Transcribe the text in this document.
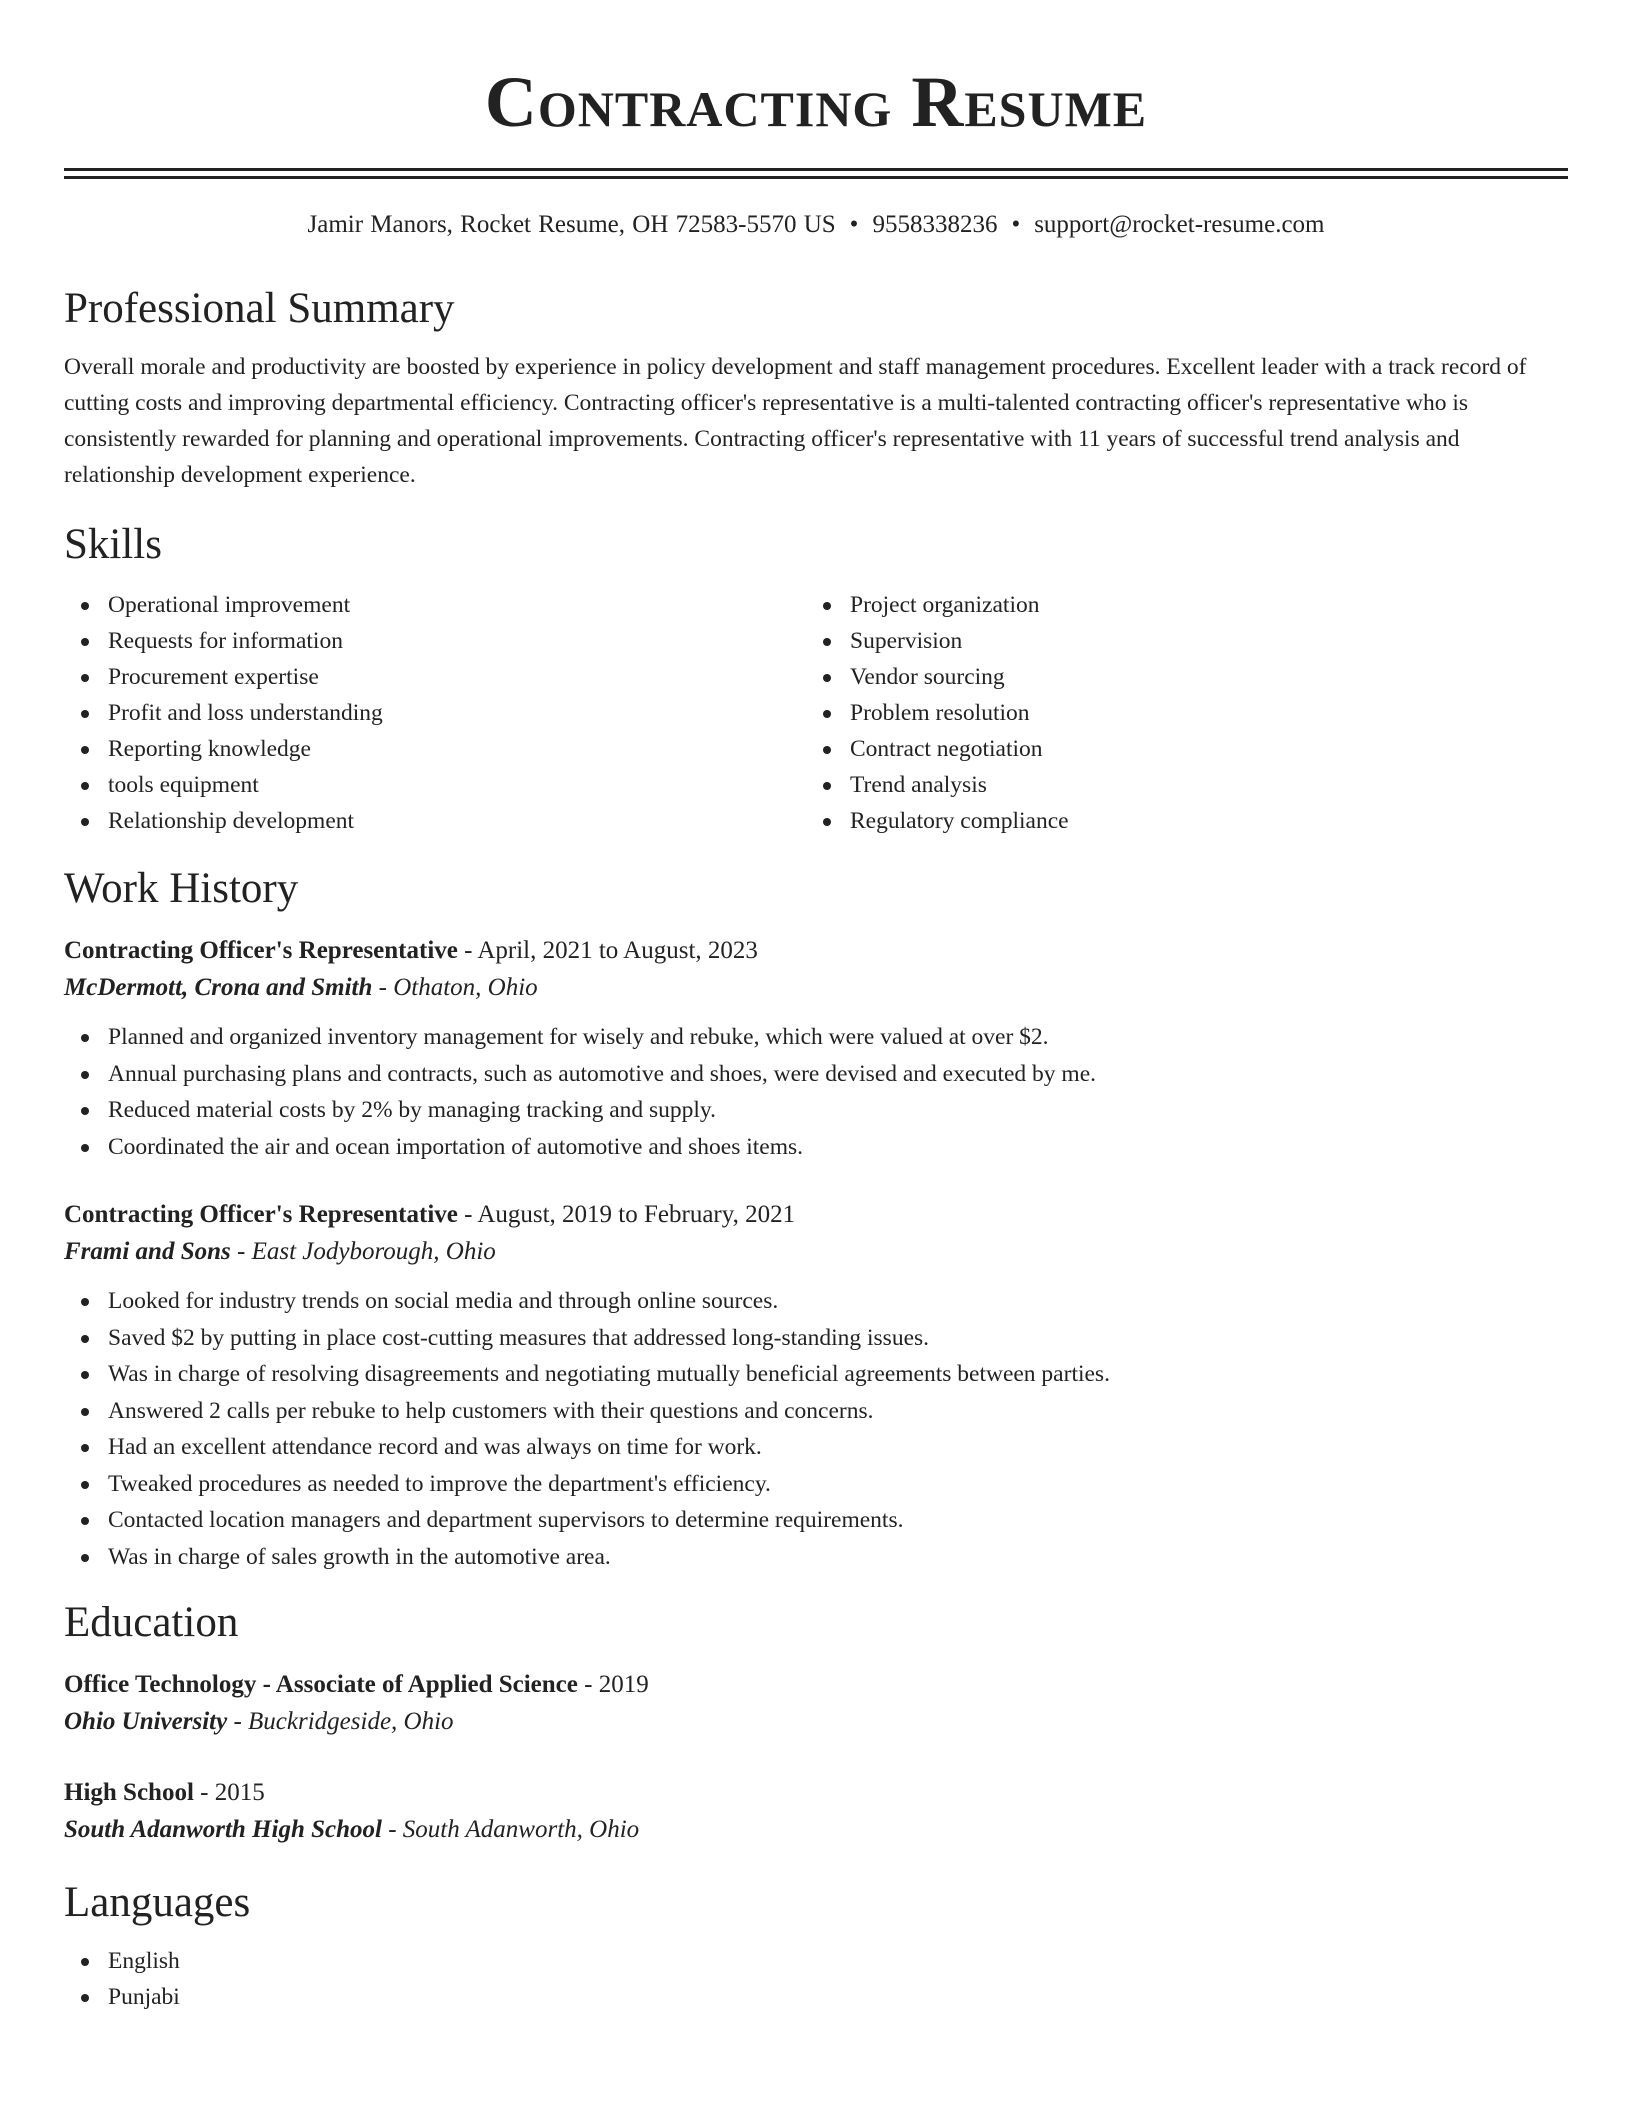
Contracting Resume
Jamir Manors, Rocket Resume, OH 72583-5570 US • 9558338236 • support@rocket-resume.com
Professional Summary

Overall morale and productivity are boosted by experience in policy development and staff management procedures. Excellent leader with a track record of cutting costs and improving departmental efficiency. Contracting officer's representative is a multi-talented contracting officer's representative who is consistently rewarded for planning and operational improvements. Contracting officer's representative with 11 years of successful trend analysis and relationship development experience.

Skills
Operational improvement
Requests for information
Procurement expertise
Profit and loss understanding
Reporting knowledge
tools equipment
Relationship development
Project organization
Supervision
Vendor sourcing
Problem resolution
Contract negotiation
Trend analysis
Regulatory compliance
Work History
Contracting Officer's Representative - April, 2021 to August, 2023
McDermott, Crona and Smith - Othaton, Ohio
Planned and organized inventory management for wisely and rebuke, which were valued at over $2.
Annual purchasing plans and contracts, such as automotive and shoes, were devised and executed by me.
Reduced material costs by 2% by managing tracking and supply.
Coordinated the air and ocean importation of automotive and shoes items.
Contracting Officer's Representative - August, 2019 to February, 2021
Frami and Sons - East Jodyborough, Ohio
Looked for industry trends on social media and through online sources.
Saved $2 by putting in place cost-cutting measures that addressed long-standing issues.
Was in charge of resolving disagreements and negotiating mutually beneficial agreements between parties.
Answered 2 calls per rebuke to help customers with their questions and concerns.
Had an excellent attendance record and was always on time for work.
Tweaked procedures as needed to improve the department's efficiency.
Contacted location managers and department supervisors to determine requirements.
Was in charge of sales growth in the automotive area.
Education
Office Technology - Associate of Applied Science - 2019
Ohio University - Buckridgeside, Ohio
High School - 2015
South Adanworth High School - South Adanworth, Ohio
Languages
English
Punjabi
